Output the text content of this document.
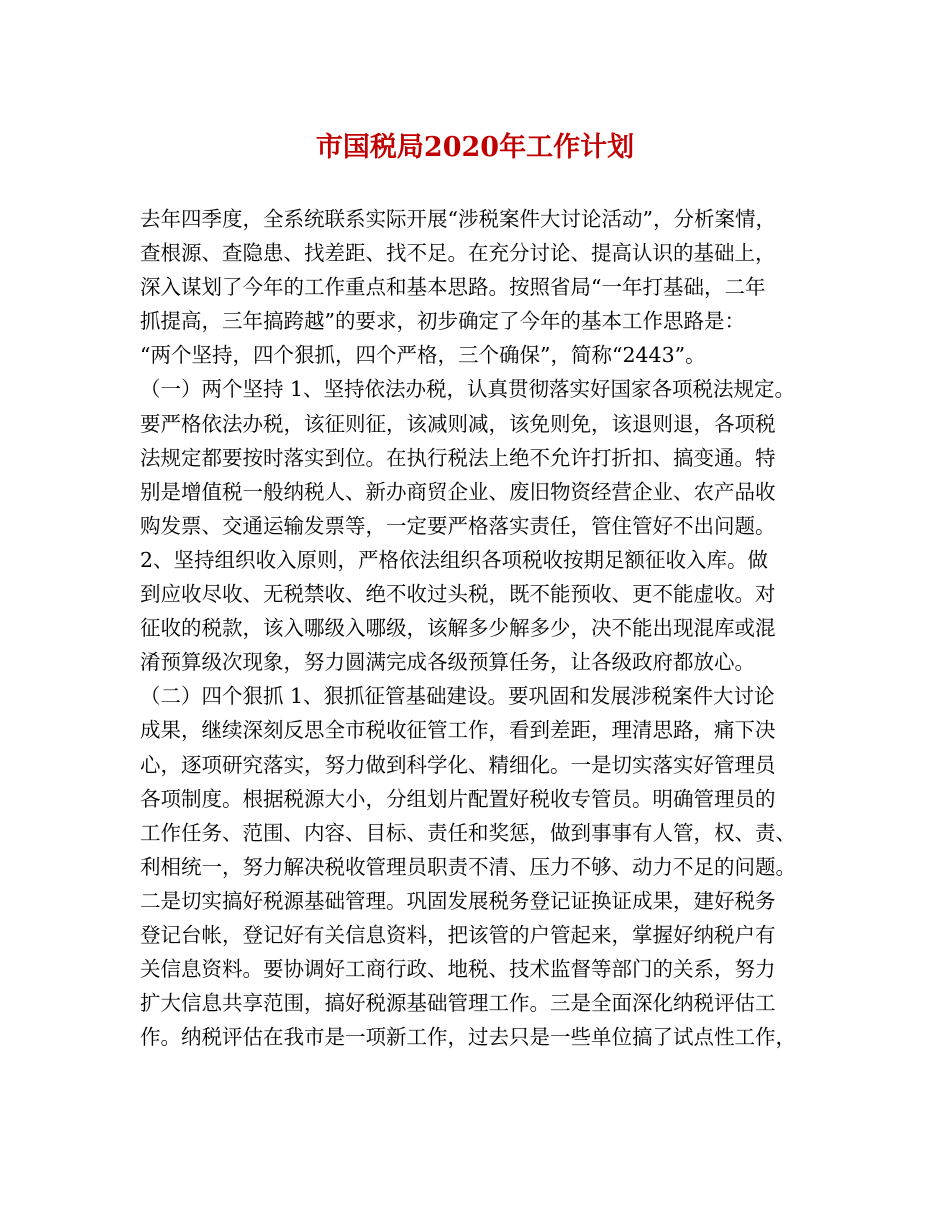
市国税局2020年工作计划
去年四季度，全系统联系实际开展“涉税案件大讨论活动”，分析案情，
查根源、查隐患、找差距、找不足。在充分讨论、提高认识的基础上，
深入谋划了今年的工作重点和基本思路。按照省局“一年打基础，二年
抓提高，三年搞跨越”的要求，初步确定了今年的基本工作思路是：
“两个坚持，四个狠抓，四个严格，三个确保”，简称“2443”。
（一）两个坚持 1、坚持依法办税，认真贯彻落实好国家各项税法规定。
要严格依法办税，该征则征，该减则减，该免则免，该退则退，各项税
法规定都要按时落实到位。在执行税法上绝不允许打折扣、搞变通。特
别是增值税一般纳税人、新办商贸企业、废旧物资经营企业、农产品收
购发票、交通运输发票等，一定要严格落实责任，管住管好不出问题。
2、坚持组织收入原则，严格依法组织各项税收按期足额征收入库。做
到应收尽收、无税禁收、绝不收过头税，既不能预收、更不能虚收。对
征收的税款，该入哪级入哪级，该解多少解多少，决不能出现混库或混
淆预算级次现象，努力圆满完成各级预算任务，让各级政府都放心。
（二）四个狠抓 1、狠抓征管基础建设。要巩固和发展涉税案件大讨论
成果，继续深刻反思全市税收征管工作，看到差距，理清思路，痛下决
心，逐项研究落实，努力做到科学化、精细化。一是切实落实好管理员
各项制度。根据税源大小，分组划片配置好税收专管员。明确管理员的
工作任务、范围、内容、目标、责任和奖惩，做到事事有人管，权、责、
利相统一，努力解决税收管理员职责不清、压力不够、动力不足的问题。
二是切实搞好税源基础管理。巩固发展税务登记证换证成果，建好税务
登记台帐，登记好有关信息资料，把该管的户管起来，掌握好纳税户有
关信息资料。要协调好工商行政、地税、技术监督等部门的关系，努力
扩大信息共享范围，搞好税源基础管理工作。三是全面深化纳税评估工
作。纳税评估在我市是一项新工作，过去只是一些单位搞了试点性工作，
